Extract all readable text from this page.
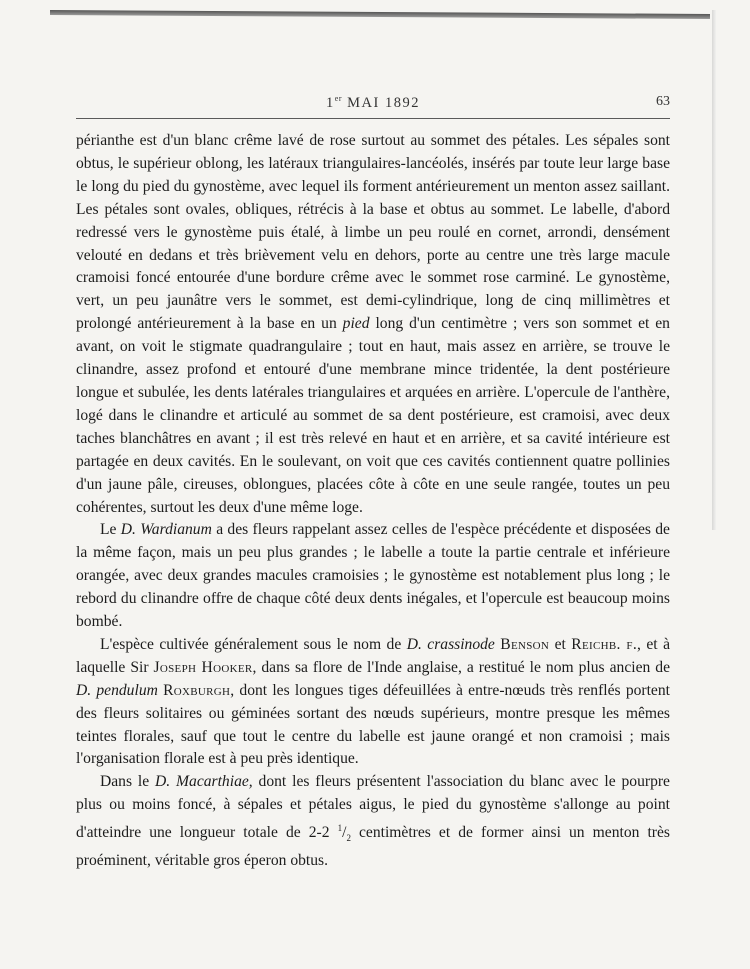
1er MAI 1892	63

périanthe est d'un blanc crême lavé de rose surtout au sommet des pétales. Les sépales sont obtus, le supérieur oblong, les latéraux triangulaires-lancéolés, insérés par toute leur large base le long du pied du gynostème, avec lequel ils forment antérieurement un menton assez saillant. Les pétales sont ovales, obliques, rétrécis à la base et obtus au sommet. Le labelle, d'abord redressé vers le gynostème puis étalé, à limbe un peu roulé en cornet, arrondi, densément velouté en dedans et très brièvement velu en dehors, porte au centre une très large macule cramoisi foncé entourée d'une bordure crême avec le sommet rose carminé. Le gynostème, vert, un peu jaunâtre vers le sommet, est demi-cylindrique, long de cinq millimètres et prolongé antérieurement à la base en un pied long d'un centimètre ; vers son sommet et en avant, on voit le stigmate quadrangulaire ; tout en haut, mais assez en arrière, se trouve le clinandre, assez profond et entouré d'une membrane mince tridentée, la dent postérieure longue et subulée, les dents latérales triangulaires et arquées en arrière. L'opercule de l'anthère, logé dans le clinandre et articulé au sommet de sa dent postérieure, est cramoisi, avec deux taches blanchâtres en avant ; il est très relevé en haut et en arrière, et sa cavité intérieure est partagée en deux cavités. En le soulevant, on voit que ces cavités contiennent quatre pollinies d'un jaune pâle, cireuses, oblongues, placées côte à côte en une seule rangée, toutes un peu cohérentes, surtout les deux d'une même loge.

Le D. Wardianum a des fleurs rappelant assez celles de l'espèce précédente et disposées de la même façon, mais un peu plus grandes ; le labelle a toute la partie centrale et inférieure orangée, avec deux grandes macules cramoisies ; le gynostème est notablement plus long ; le rebord du clinandre offre de chaque côté deux dents inégales, et l'opercule est beaucoup moins bombé.

L'espèce cultivée généralement sous le nom de D. crassinode Benson et Reichb. f., et à laquelle Sir Joseph Hooker, dans sa flore de l'Inde anglaise, a restitué le nom plus ancien de D. pendulum Roxburgh, dont les longues tiges défeuillées à entre-nœuds très renflés portent des fleurs solitaires ou géminées sortant des nœuds supérieurs, montre presque les mêmes teintes florales, sauf que tout le centre du labelle est jaune orangé et non cramoisi ; mais l'organisation florale est à peu près identique.

Dans le D. Macarthiae, dont les fleurs présentent l'association du blanc avec le pourpre plus ou moins foncé, à sépales et pétales aigus, le pied du gynostème s'allonge au point d'atteindre une longueur totale de 2-2 $^1/_2$ centimètres et de former ainsi un menton très proéminent, véritable gros éperon obtus.
